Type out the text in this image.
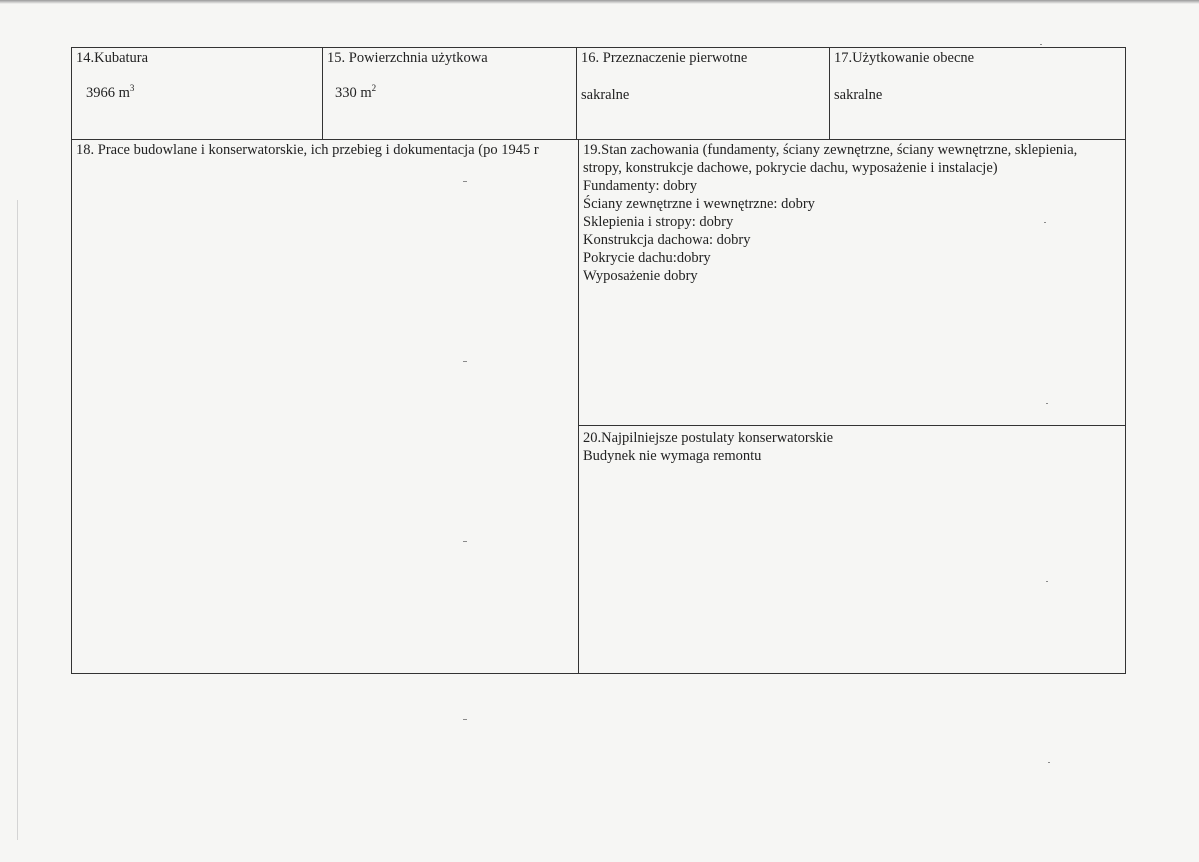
14.Kubatura
3966 $m^3$
15. Powierzchnia użytkowa
330 $m^2$
16. Przeznaczenie pierwotne
sakralne
17.Użytkowanie obecne
sakralne
18. Prace budowlane i konserwatorskie, ich przebieg i dokumentacja (po 1945 r	19.Stan zachowania (fundamenty, ściany zewnętrzne, ściany wewnętrzne, sklepienia,
stropy, konstrukcje dachowe, pokrycie dachu, wyposażenie i instalacje)
Fundamenty: dobry
Ściany zewnętrzne i wewnętrzne: dobry
Sklepienia i stropy: dobry
Konstrukcja dachowa: dobry
Pokrycie dachu:dobry
Wyposażenie dobry
20.Najpilniejsze postulaty konserwatorskie
Budynek nie wymaga remontu
